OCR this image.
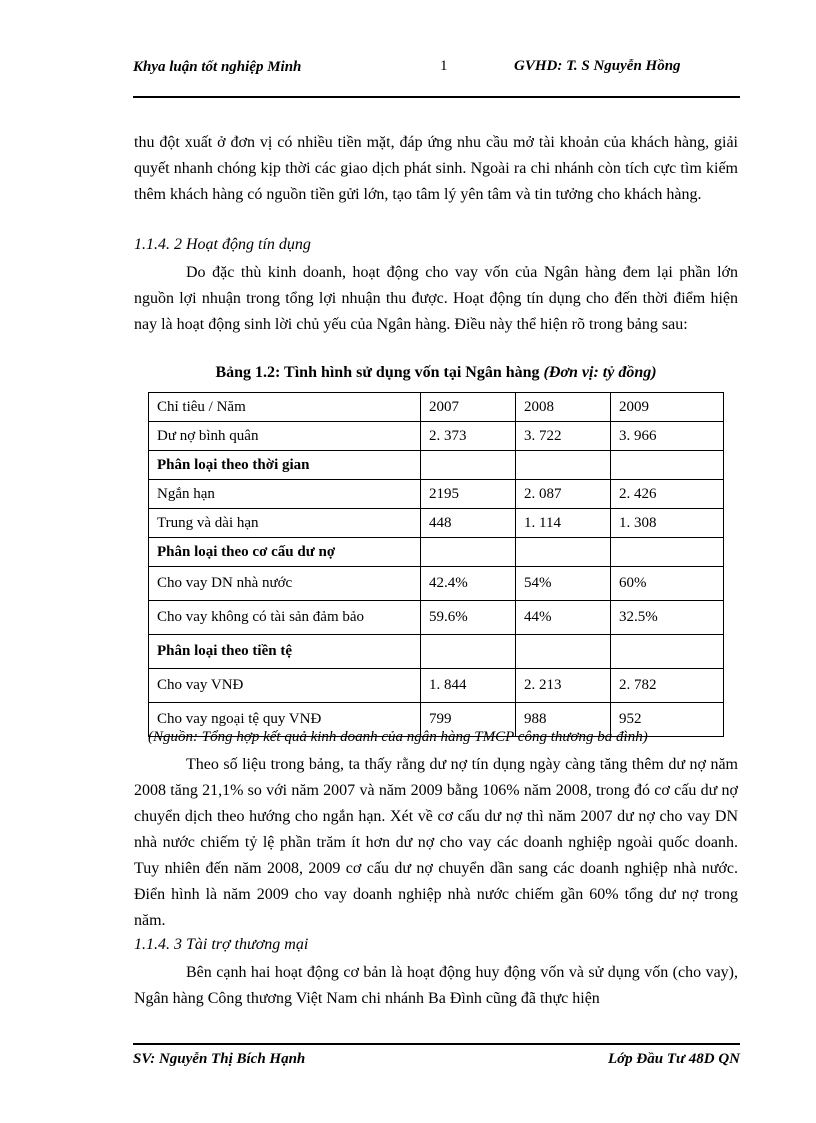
Khya luận tốt nghiệp Minh	1	GVHD: T. S Nguyễn Hồng
thu đột xuất ở đơn vị có nhiều tiền mặt, đáp ứng nhu cầu mở tài khoản của khách hàng, giải quyết nhanh chóng kịp thời các giao dịch phát sinh. Ngoài ra chi nhánh còn tích cực tìm kiếm thêm khách hàng có nguồn tiền gửi lớn, tạo tâm lý yên tâm và tin tưởng cho khách hàng.
1.1.4. 2 Hoạt động tín dụng
Do đặc thù kinh doanh, hoạt động cho vay vốn của Ngân hàng đem lại phần lớn nguồn lợi nhuận trong tổng lợi nhuận thu được. Hoạt động tín dụng cho đến thời điểm hiện nay là hoạt động sinh lời chủ yếu của Ngân hàng. Điều này thể hiện rõ trong bảng sau:
Bảng 1.2: Tình hình sử dụng vốn tại Ngân hàng (Đơn vị: tỷ đồng)
Chỉ tiêu / Năm	2007	2008	2009
Dư nợ bình quân	2. 373	3. 722	3. 966
Phân loại theo thời gian			
Ngắn hạn	2195	2. 087	2. 426
Trung và dài hạn	448	1. 114	1. 308
Phân loại theo cơ cấu dư nợ			
Cho vay DN nhà nước	42.4%	54%	60%
Cho vay không có tài sản đảm bảo	59.6%	44%	32.5%
Phân loại theo tiền tệ			
Cho vay VNĐ	1. 844	2. 213	2. 782
Cho vay ngoại tệ quy VNĐ	799	988	952
(Nguồn: Tổng hợp kết quả kinh doanh của ngân hàng TMCP công thương ba đình)
Theo số liệu trong bảng, ta thấy rằng dư nợ tín dụng ngày càng tăng thêm dư nợ năm 2008 tăng 21,1% so với năm 2007 và năm 2009 bằng 106% năm 2008, trong đó cơ cấu dư nợ chuyển dịch theo hướng cho ngắn hạn. Xét về cơ cấu dư nợ thì năm 2007 dư nợ cho vay DN nhà nước chiếm tỷ lệ phần trăm ít hơn dư nợ cho vay các doanh nghiệp ngoài quốc doanh. Tuy nhiên đến năm 2008, 2009 cơ cấu dư nợ chuyển dần sang các doanh nghiệp nhà nước. Điển hình là năm 2009 cho vay doanh nghiệp nhà nước chiếm gần 60% tổng dư nợ trong năm.
1.1.4. 3 Tài trợ thương mại
Bên cạnh hai hoạt động cơ bản là hoạt động huy động vốn và sử dụng vốn (cho vay), Ngân hàng Công thương Việt Nam chi nhánh Ba Đình cũng đã thực hiện
SV: Nguyễn Thị Bích Hạnh	Lớp Đầu Tư 48D QN
